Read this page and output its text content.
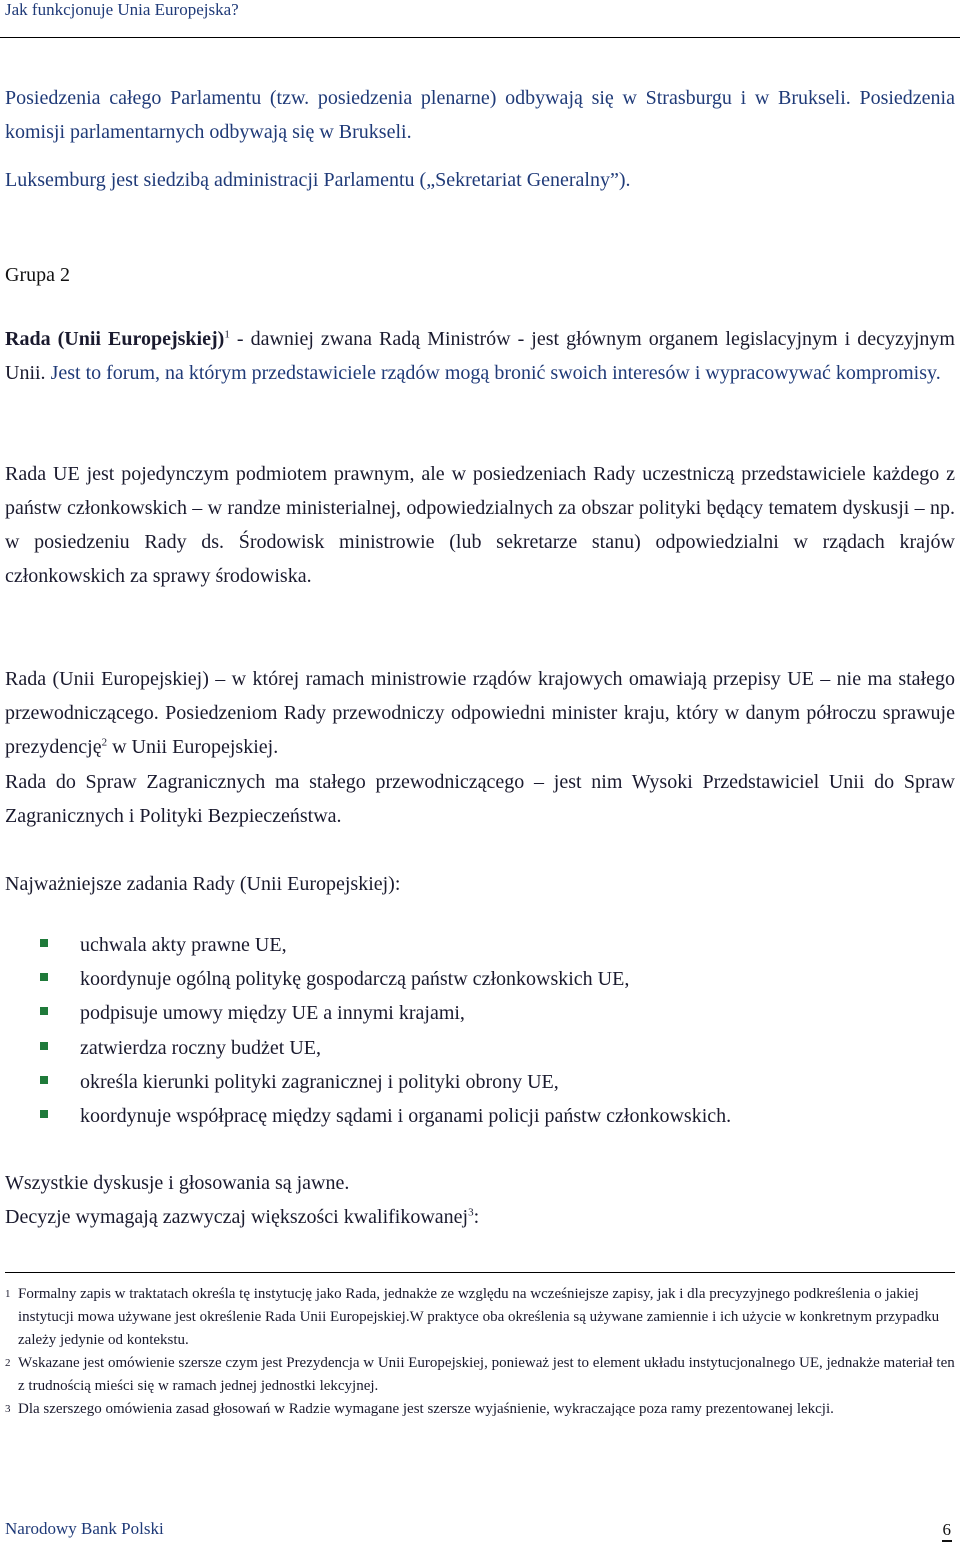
Jak funkcjonuje Unia Europejska?
Posiedzenia całego Parlamentu (tzw. posiedzenia plenarne) odbywają się w Strasburgu i w Brukseli. Posiedzenia komisji parlamentarnych odbywają się w Brukseli.
Luksemburg jest siedzibą administracji Parlamentu („Sekretariat Generalny”).
Grupa 2
Rada (Unii Europejskiej)$^1$ - dawniej zwana Radą Ministrów - jest głównym organem legislacyjnym i decyzyjnym Unii. Jest to forum, na którym przedstawiciele rządów mogą bronić swoich interesów i wypracowywać kompromisy.
Rada UE jest pojedynczym podmiotem prawnym, ale w posiedzeniach Rady uczestniczą przedstawiciele każdego z państw członkowskich – w randze ministerialnej, odpowiedzialnych za obszar polityki będący tematem dyskusji – np. w posiedzeniu Rady ds. Środowisk ministrowie (lub sekretarze stanu) odpowiedzialni w rządach krajów członkowskich za sprawy środowiska.
Rada (Unii Europejskiej) – w której ramach ministrowie rządów krajowych omawiają przepisy UE – nie ma stałego przewodniczącego. Posiedzeniom Rady przewodniczy odpowiedni minister kraju, który w danym półroczu sprawuje prezydencję$^2$ w Unii Europejskiej.
Rada do Spraw Zagranicznych ma stałego przewodniczącego – jest nim Wysoki Przedstawiciel Unii do Spraw Zagranicznych i Polityki Bezpieczeństwa.
Najważniejsze zadania Rady (Unii Europejskiej):
uchwala akty prawne UE,
koordynuje ogólną politykę gospodarczą państw członkowskich UE,
podpisuje umowy między UE a innymi krajami,
zatwierdza roczny budżet UE,
określa kierunki polityki zagranicznej i polityki obrony UE,
koordynuje współpracę między sądami i organami policji państw członkowskich.
Wszystkie dyskusje i głosowania są jawne.
Decyzje wymagają zazwyczaj większości kwalifikowanej$^3$:
1 Formalny zapis w traktatach określa tę instytucję jako Rada, jednakże ze względu na wcześniejsze zapisy, jak i dla precyzyjnego podkreślenia o jakiej instytucji mowa używane jest określenie Rada Unii Europejskiej.W praktyce oba określenia są używane zamiennie i ich użycie w konkretnym przypadku zależy jedynie od kontekstu.
2 Wskazane jest omówienie szersze czym jest Prezydencja w Unii Europejskiej, ponieważ jest to element układu instytucjonalnego UE, jednakże materiał ten z trudnością mieści się w ramach jednej jednostki lekcyjnej.
3 Dla szerszego omówienia zasad głosowań w Radzie wymagane jest szersze wyjaśnienie, wykraczające poza ramy prezentowanej lekcji.
Narodowy Bank Polski	6
